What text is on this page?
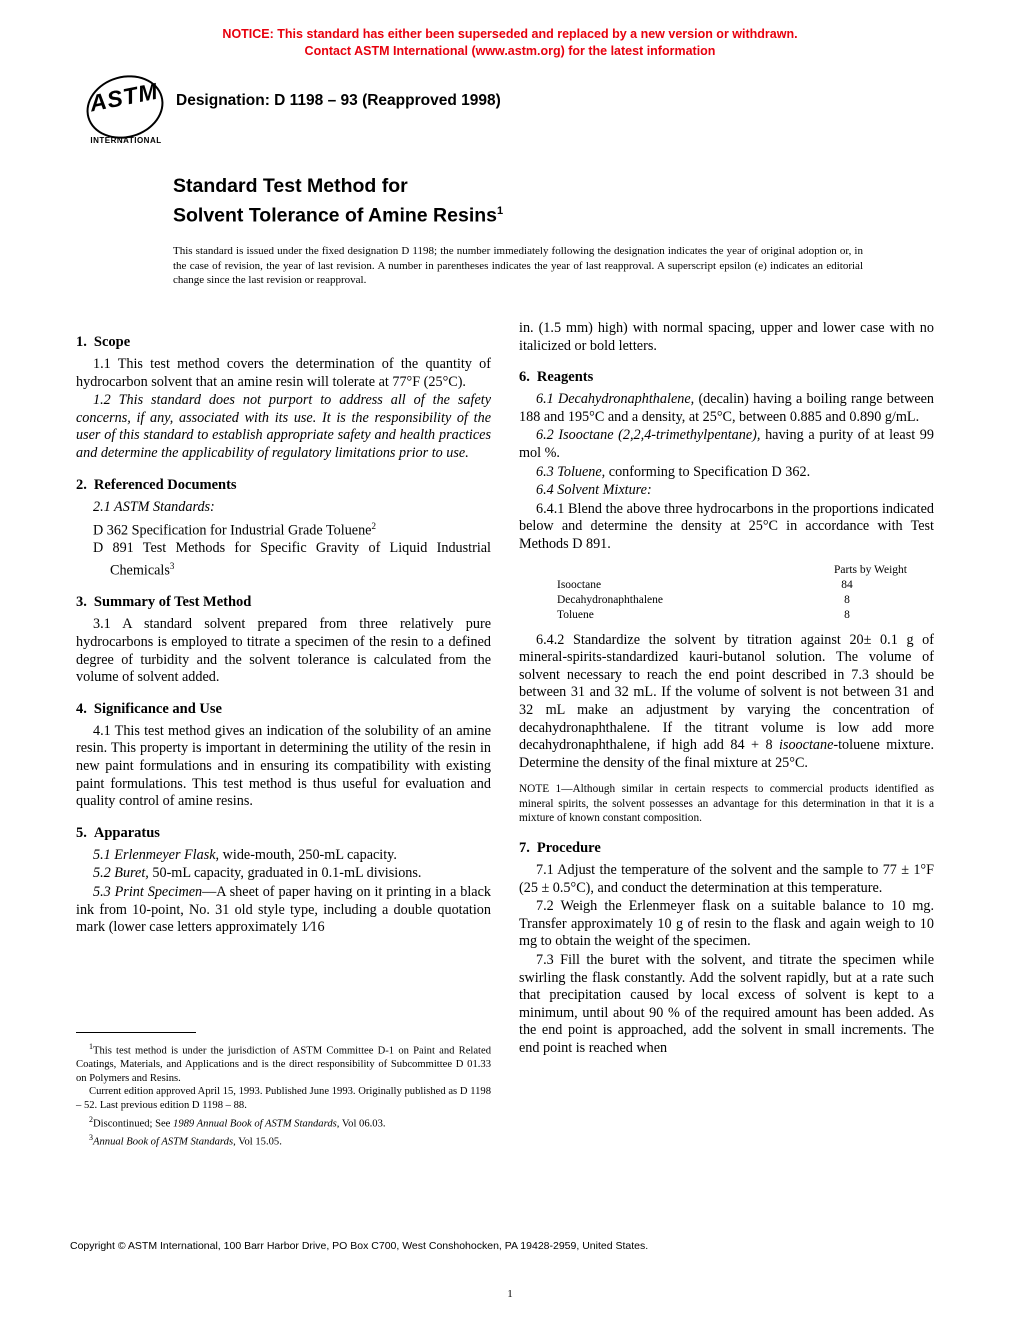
NOTICE: This standard has either been superseded and replaced by a new version or withdrawn.
Contact ASTM International (www.astm.org) for the latest information
ASTM
INTERNATIONAL
Designation: D 1198 – 93 (Reapproved 1998)
Standard Test Method for
Solvent Tolerance of Amine Resins$^1$
This standard is issued under the fixed designation D 1198; the number immediately following the designation indicates the year of original adoption or, in the case of revision, the year of last revision. A number in parentheses indicates the year of last reapproval. A superscript epsilon (e) indicates an editorial change since the last revision or reapproval.
1. Scope

1.1 This test method covers the determination of the quantity of hydrocarbon solvent that an amine resin will tolerate at 77°F (25°C).

1.2 This standard does not purport to address all of the safety concerns, if any, associated with its use. It is the responsibility of the user of this standard to establish appropriate safety and health practices and determine the applicability of regulatory limitations prior to use.

2. Referenced Documents

2.1 ASTM Standards:

D 362 Specification for Industrial Grade Toluene$^2$

D 891 Test Methods for Specific Gravity of Liquid Industrial Chemicals$^3$

3. Summary of Test Method

3.1 A standard solvent prepared from three relatively pure hydrocarbons is employed to titrate a specimen of the resin to a defined degree of turbidity and the solvent tolerance is calculated from the volume of solvent added.

4. Significance and Use

4.1 This test method gives an indication of the solubility of an amine resin. This property is important in determining the utility of the resin in new paint formulations and in ensuring its compatibility with existing paint formulations. This test method is thus useful for evaluation and quality control of amine resins.

5. Apparatus

5.1 Erlenmeyer Flask, wide-mouth, 250-mL capacity.

5.2 Buret, 50-mL capacity, graduated in 0.1-mL divisions.

5.3 Print Specimen—A sheet of paper having on it printing in a black ink from 10-point, No. 31 old style type, including a double quotation mark (lower case letters approximately 1⁄16

in. (1.5 mm) high) with normal spacing, upper and lower case with no italicized or bold letters.

6. Reagents

6.1 Decahydronaphthalene, (decalin) having a boiling range between 188 and 195°C and a density, at 25°C, between 0.885 and 0.890 g/mL.

6.2 Isooctane (2,2,4-trimethylpentane), having a purity of at least 99 mol %.

6.3 Toluene, conforming to Specification D 362.

6.4 Solvent Mixture:

6.4.1 Blend the above three hydrocarbons in the proportions indicated below and determine the density at 25°C in accordance with Test Methods D 891.

Parts by Weight
Isooctane	84
Decahydronaphthalene	8
Toluene	8

6.4.2 Standardize the solvent by titration against 20± 0.1 g of mineral-spirits-standardized kauri-butanol solution. The volume of solvent necessary to reach the end point described in 7.3 should be between 31 and 32 mL. If the volume of solvent is not between 31 and 32 mL make an adjustment by varying the concentration of decahydronaphthalene. If the titrant volume is low add more decahydronaphthalene, if high add 84 + 8 isooctane-toluene mixture. Determine the density of the final mixture at 25°C.

NOTE 1—Although similar in certain respects to commercial products identified as mineral spirits, the solvent possesses an advantage for this determination in that it is a mixture of known constant composition.

7. Procedure

7.1 Adjust the temperature of the solvent and the sample to 77 ± 1°F (25 ± 0.5°C), and conduct the determination at this temperature.

7.2 Weigh the Erlenmeyer flask on a suitable balance to 10 mg. Transfer approximately 10 g of resin to the flask and again weigh to 10 mg to obtain the weight of the specimen.

7.3 Fill the buret with the solvent, and titrate the specimen while swirling the flask constantly. Add the solvent rapidly, but at a rate such that precipitation caused by local excess of solvent is kept to a minimum, until about 90 % of the required amount has been added. As the end point is approached, add the solvent in small increments. The end point is reached when

$^1$This test method is under the jurisdiction of ASTM Committee D-1 on Paint and Related Coatings, Materials, and Applications and is the direct responsibility of Subcommittee D 01.33 on Polymers and Resins.

Current edition approved April 15, 1993. Published June 1993. Originally published as D 1198 – 52. Last previous edition D 1198 – 88.

$^2$Discontinued; See 1989 Annual Book of ASTM Standards, Vol 06.03.

$^3$Annual Book of ASTM Standards, Vol 15.05.

Copyright © ASTM International, 100 Barr Harbor Drive, PO Box C700, West Conshohocken, PA 19428-2959, United States.
1
